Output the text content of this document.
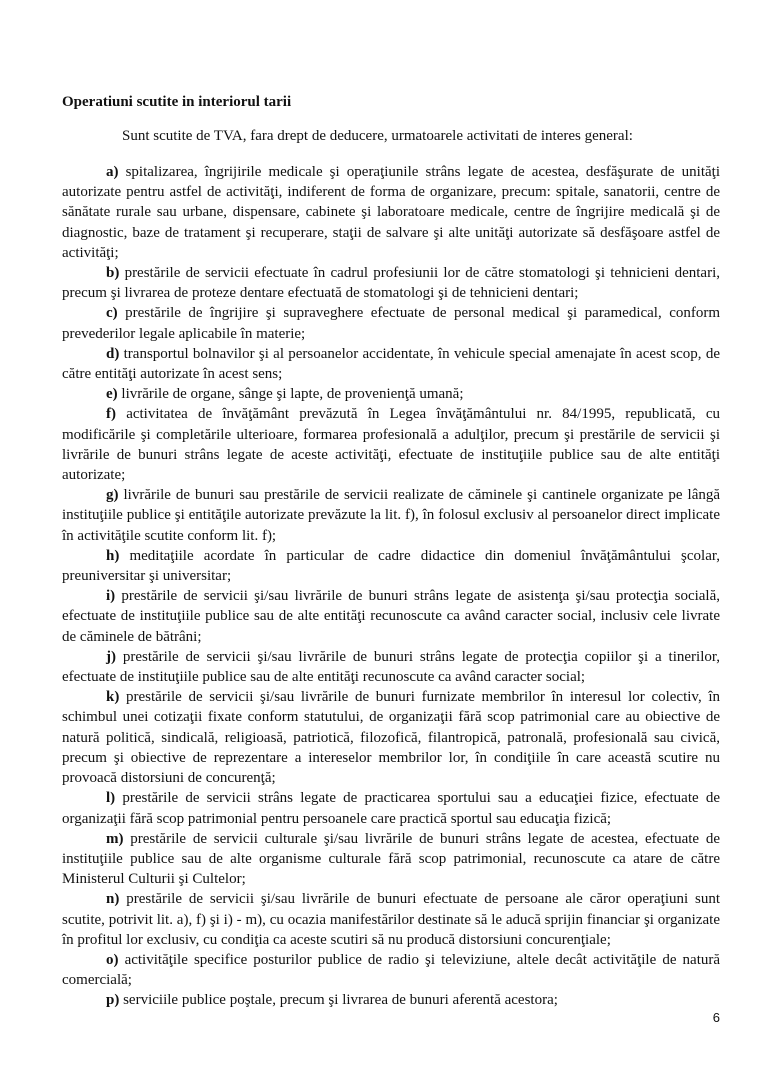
Operatiuni scutite in interiorul tarii

Sunt scutite de TVA, fara drept de deducere, urmatoarele activitati de interes general:

a) spitalizarea, îngrijirile medicale şi operaţiunile strâns legate de acestea, desfăşurate de unităţi autorizate pentru astfel de activităţi, indiferent de forma de organizare, precum: spitale, sanatorii, centre de sănătate rurale sau urbane, dispensare, cabinete şi laboratoare medicale, centre de îngrijire medicală şi de diagnostic, baze de tratament şi recuperare, staţii de salvare şi alte unităţi autorizate să desfăşoare astfel de activităţi;

b) prestările de servicii efectuate în cadrul profesiunii lor de către stomatologi şi tehnicieni dentari, precum şi livrarea de proteze dentare efectuată de stomatologi şi de tehnicieni dentari;

c) prestările de îngrijire şi supraveghere efectuate de personal medical şi paramedical, conform prevederilor legale aplicabile în materie;

d) transportul bolnavilor şi al persoanelor accidentate, în vehicule special amenajate în acest scop, de către entităţi autorizate în acest sens;

e) livrările de organe, sânge şi lapte, de provenienţă umană;

f) activitatea de învăţământ prevăzută în Legea învăţământului nr. 84/1995, republicată, cu modificările şi completările ulterioare, formarea profesională a adulţilor, precum şi prestările de servicii şi livrările de bunuri strâns legate de aceste activităţi, efectuate de instituţiile publice sau de alte entităţi autorizate;

g) livrările de bunuri sau prestările de servicii realizate de căminele şi cantinele organizate pe lângă instituţiile publice şi entităţile autorizate prevăzute la lit. f), în folosul exclusiv al persoanelor direct implicate în activităţile scutite conform lit. f);

h) meditaţiile acordate în particular de cadre didactice din domeniul învăţământului şcolar, preuniversitar şi universitar;

i) prestările de servicii şi/sau livrările de bunuri strâns legate de asistenţa şi/sau protecţia socială, efectuate de instituţiile publice sau de alte entităţi recunoscute ca având caracter social, inclusiv cele livrate de căminele de bătrâni;

j) prestările de servicii şi/sau livrările de bunuri strâns legate de protecţia copiilor şi a tinerilor, efectuate de instituţiile publice sau de alte entităţi recunoscute ca având caracter social;

k) prestările de servicii şi/sau livrările de bunuri furnizate membrilor în interesul lor colectiv, în schimbul unei cotizaţii fixate conform statutului, de organizaţii fără scop patrimonial care au obiective de natură politică, sindicală, religioasă, patriotică, filozofică, filantropică, patronală, profesională sau civică, precum şi obiective de reprezentare a intereselor membrilor lor, în condiţiile în care această scutire nu provoacă distorsiuni de concurenţă;

l) prestările de servicii strâns legate de practicarea sportului sau a educaţiei fizice, efectuate de organizaţii fără scop patrimonial pentru persoanele care practică sportul sau educaţia fizică;

m) prestările de servicii culturale şi/sau livrările de bunuri strâns legate de acestea, efectuate de instituţiile publice sau de alte organisme culturale fără scop patrimonial, recunoscute ca atare de către Ministerul Culturii şi Cultelor;

n) prestările de servicii şi/sau livrările de bunuri efectuate de persoane ale căror operaţiuni sunt scutite, potrivit lit. a), f) şi i) - m), cu ocazia manifestărilor destinate să le aducă sprijin financiar şi organizate în profitul lor exclusiv, cu condiţia ca aceste scutiri să nu producă distorsiuni concurenţiale;

o) activităţile specifice posturilor publice de radio şi televiziune, altele decât activităţile de natură comercială;

p) serviciile publice poştale, precum şi livrarea de bunuri aferentă acestora;

6
